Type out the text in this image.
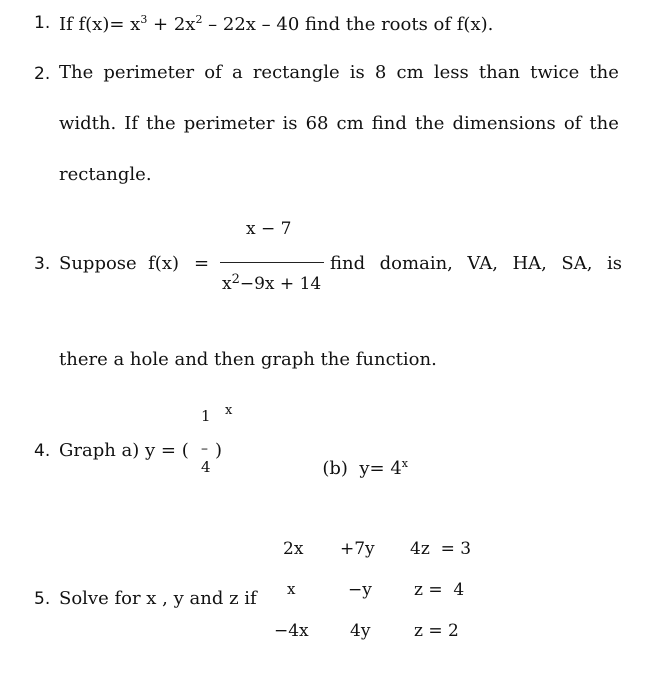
1. If $f(x)= x^3 + 2x^2 - 22x - 40$ find the roots of f(x).
2. The perimeter of a rectangle is 8 cm less than twice the
width. If the perimeter is 68 cm find the dimensions of the
rectangle.
x − 7
3. Suppose  f(x) =
$x^2-9x + 14$
find domain, VA, HA, SA, is
there a hole and then graph the function.
1 x
4. Graph a) y = ( – )
4	(b)  $y= 4^x$

2x +7y 4z  = 3
5. Solve for x , y and z if x	−y z =  4
−4x 4y	z = 2
